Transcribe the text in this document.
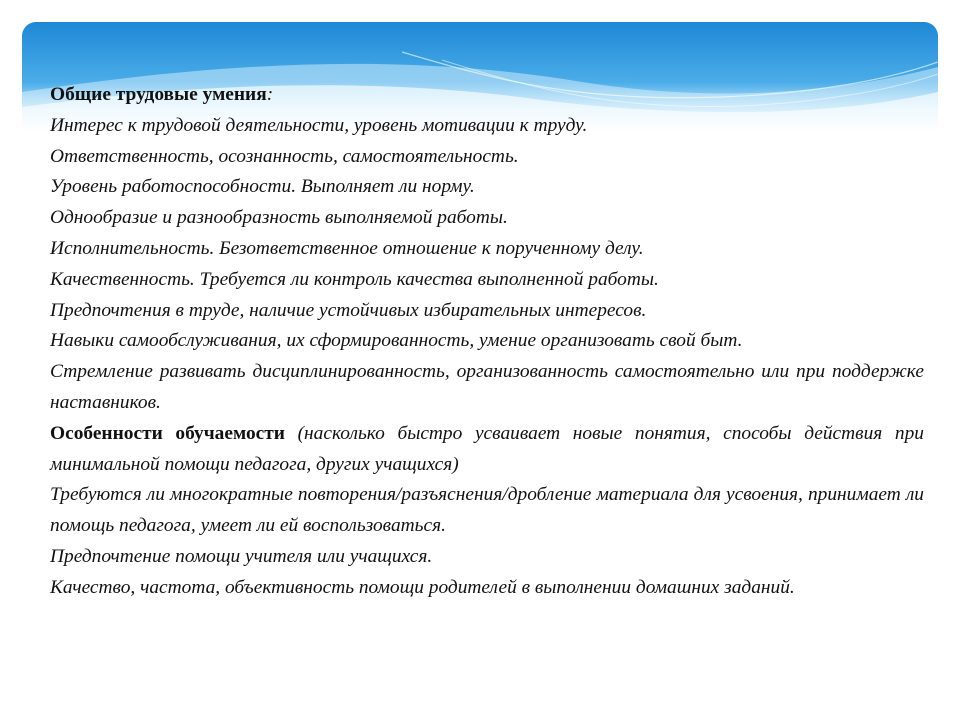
Общие трудовые умения:

Интерес к трудовой деятельности, уровень мотивации к труду.

Ответственность, осознанность, самостоятельность.

Уровень работоспособности. Выполняет ли норму.

Однообразие и разнообразность выполняемой работы.

Исполнительность. Безответственное отношение к порученному делу.

Качественность. Требуется ли контроль качества выполненной работы.

Предпочтения в труде, наличие устойчивых избирательных интересов.

Навыки самообслуживания, их сформированность, умение организовать свой быт.

Стремление развивать дисциплинированность, организованность самостоятельно или при поддержке наставников.

Особенности обучаемости (насколько быстро усваивает новые понятия, способы действия при минимальной помощи педагога, других учащихся)

Требуются ли многократные повторения/разъяснения/дробление материала для усвоения, принимает ли помощь педагога, умеет ли ей воспользоваться.

Предпочтение помощи учителя или учащихся.

Качество, частота, объективность помощи родителей в выполнении домашних заданий.
